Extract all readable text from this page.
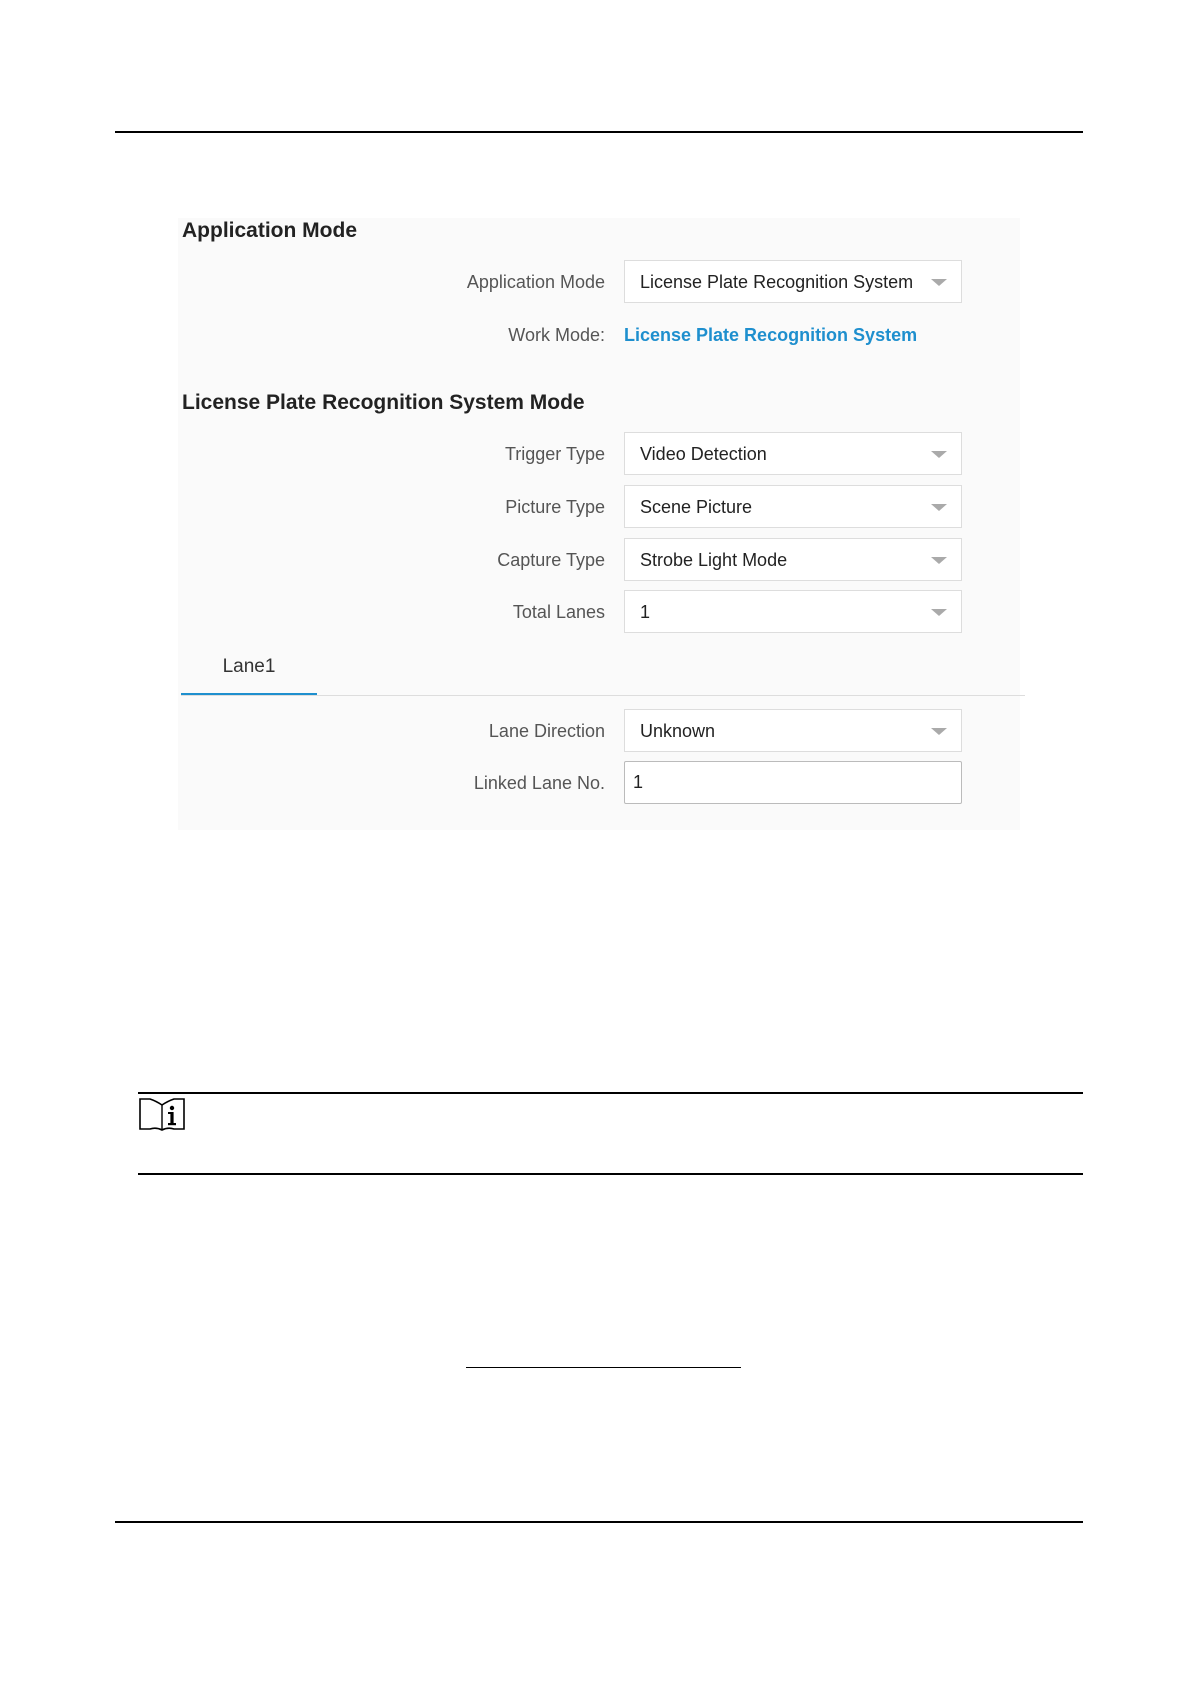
Application Mode
Application Mode License Plate Recognition System
Work Mode: License Plate Recognition System
License Plate Recognition System Mode
Trigger Type Video Detection
Picture Type Scene Picture
Capture Type Strobe Light Mode
Total Lanes 1
Lane1
Lane Direction Unknown
Linked Lane No.
1
